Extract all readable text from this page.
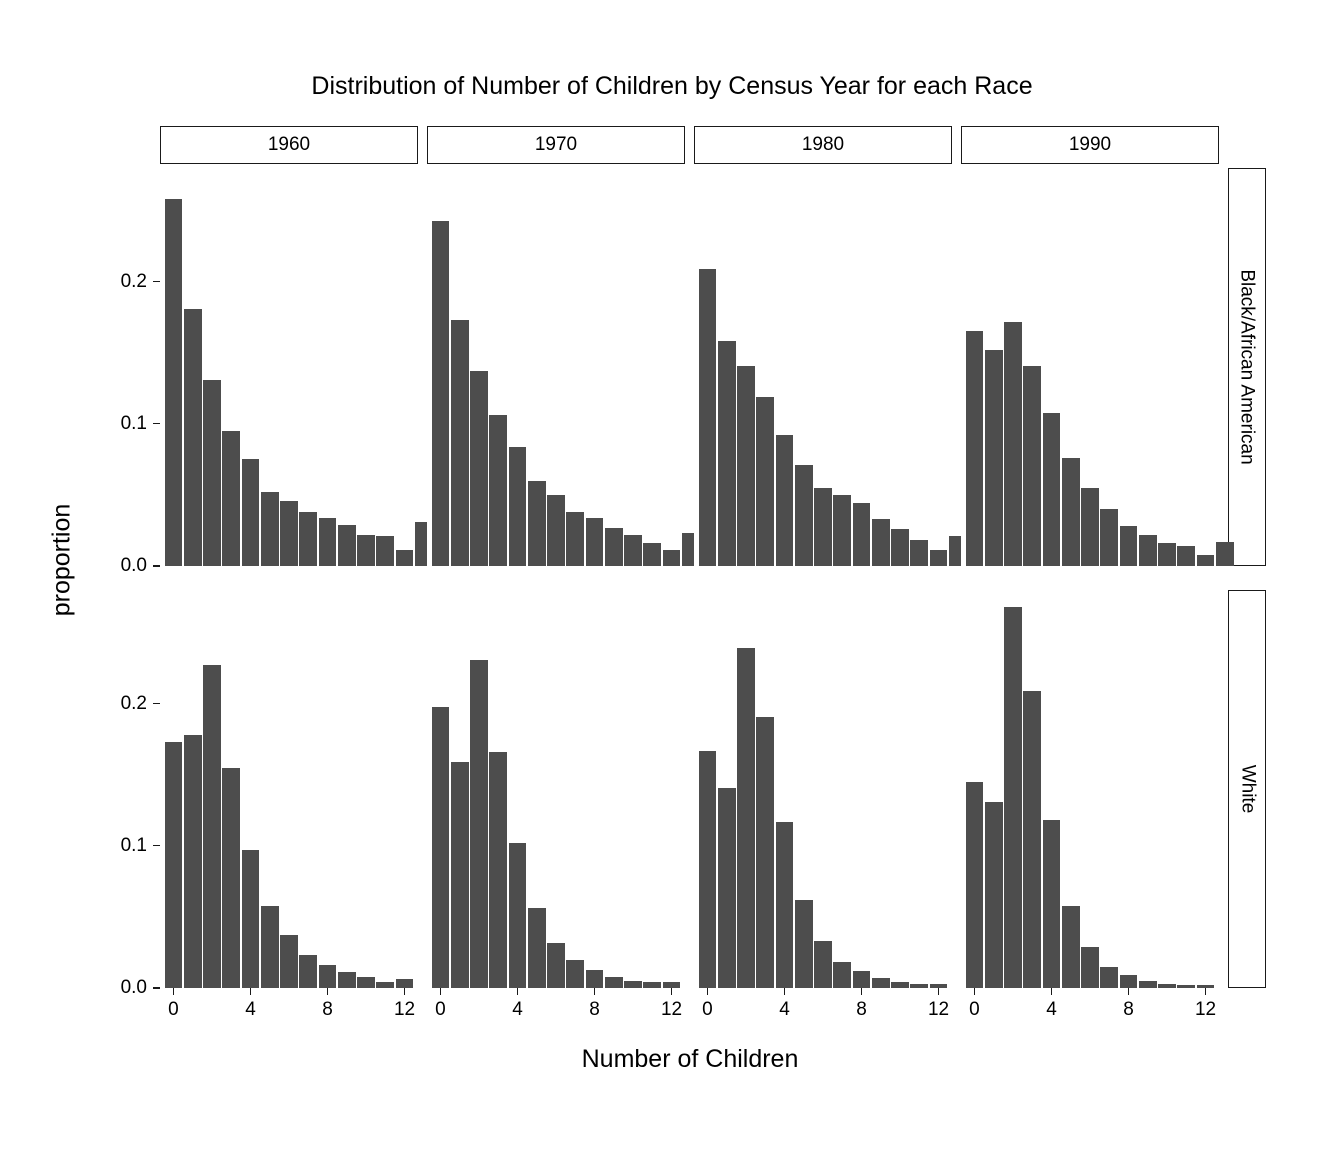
Distribution of Number of Children by Census Year for each Race
proportion
Number of Children
1960	1970	1980	1990
Black/African American
White
0.0
0.1
0.2
0.0
0.1
0.2
0	4	8	12 0	4	8	12 0	4	8	12 0	4	8	12
